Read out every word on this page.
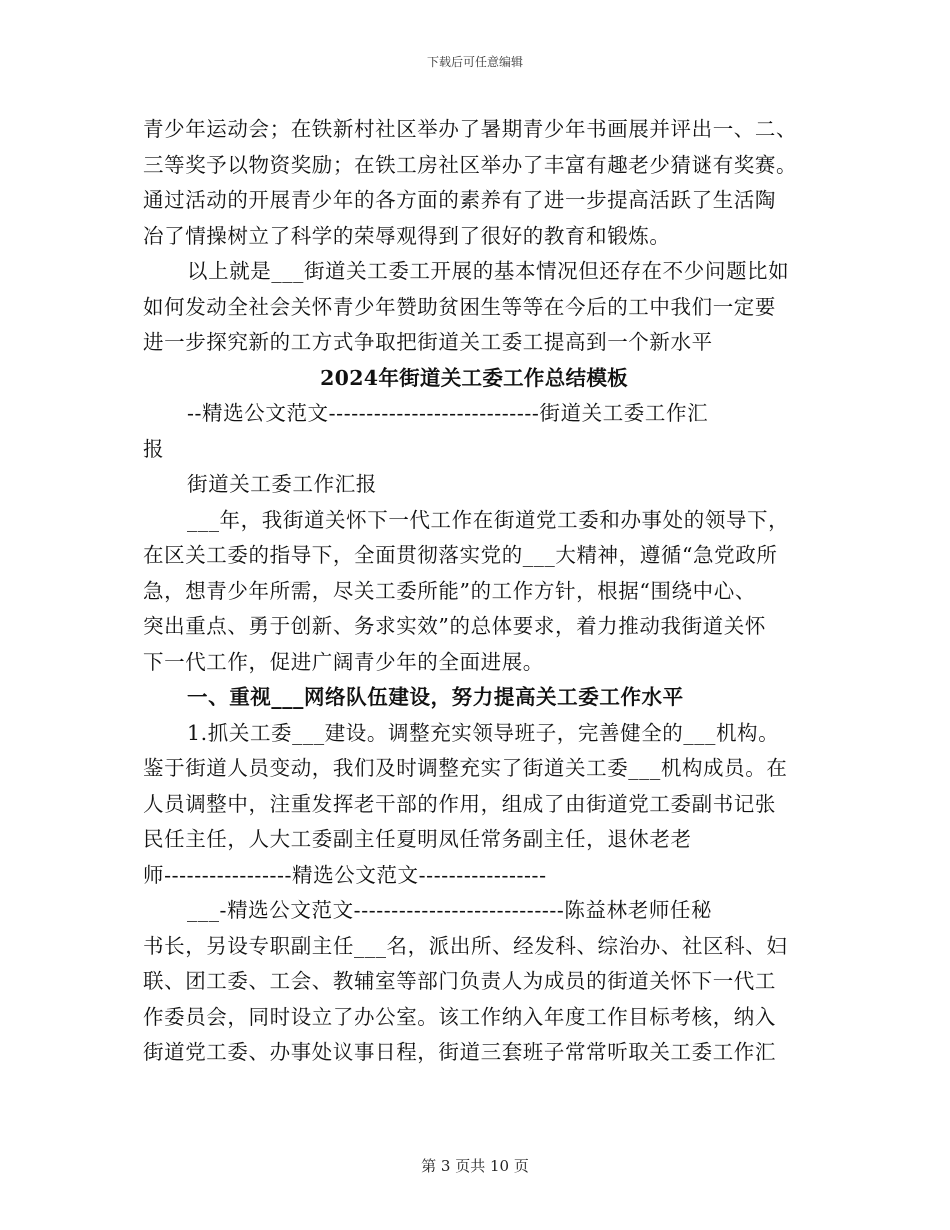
下载后可任意编辑
青少年运动会；在铁新村社区举办了暑期青少年书画展并评出一、二、
三等奖予以物资奖励；在铁工房社区举办了丰富有趣老少猜谜有奖赛。
通过活动的开展青少年的各方面的素养有了进一步提高活跃了生活陶
冶了情操树立了科学的荣辱观得到了很好的教育和锻炼。
以上就是___街道关工委工开展的基本情况但还存在不少问题比如
如何发动全社会关怀青少年赞助贫困生等等在今后的工中我们一定要
进一步探究新的工方式争取把街道关工委工提高到一个新水平
2024年街道关工委工作总结模板
--精选公文范文----------------------------街道关工委工作汇
报
街道关工委工作汇报
___年，我街道关怀下一代工作在街道党工委和办事处的领导下，
在区关工委的指导下，全面贯彻落实党的___大精神，遵循“急党政所
急，想青少年所需，尽关工委所能”的工作方针，根据“围绕中心、
突出重点、勇于创新、务求实效”的总体要求，着力推动我街道关怀
下一代工作，促进广阔青少年的全面进展。
一、重视___网络队伍建设，努力提高关工委工作水平
1.抓关工委___建设。调整充实领导班子，完善健全的___机构。
鉴于街道人员变动，我们及时调整充实了街道关工委___机构成员。在
人员调整中，注重发挥老干部的作用，组成了由街道党工委副书记张
民任主任，人大工委副主任夏明凤任常务副主任，退休老老
师-----------------精选公文范文-----------------
___-精选公文范文----------------------------陈益林老师任秘
书长，另设专职副主任___名，派出所、经发科、综治办、社区科、妇
联、团工委、工会、教辅室等部门负责人为成员的街道关怀下一代工
作委员会，同时设立了办公室。该工作纳入年度工作目标考核，纳入
街道党工委、办事处议事日程，街道三套班子常常听取关工委工作汇
第 3 页共 10 页
